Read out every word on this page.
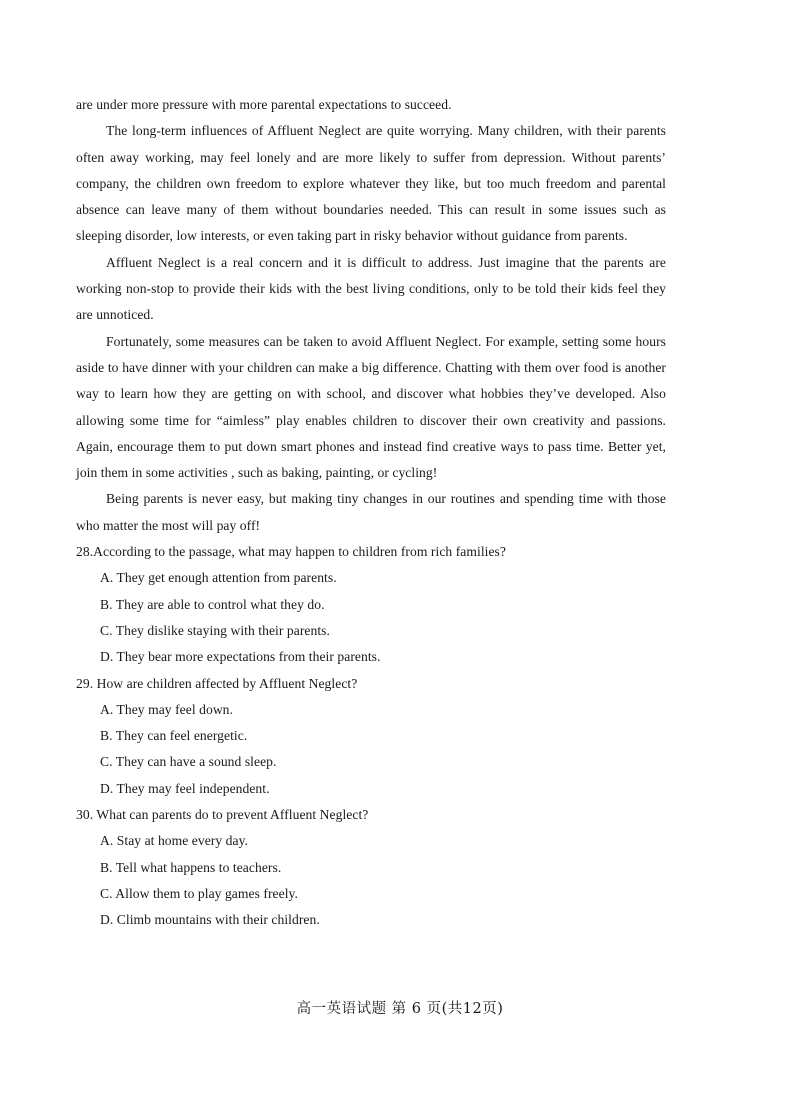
are under more pressure with more parental expectations to succeed.

The long-term influences of Affluent Neglect are quite worrying. Many children, with their parents often away working, may feel lonely and are more likely to suffer from depression. Without parents’ company, the children own freedom to explore whatever they like, but too much freedom and parental absence can leave many of them without boundaries needed. This can result in some issues such as sleeping disorder, low interests, or even taking part in risky behavior without guidance from parents.

Affluent Neglect is a real concern and it is difficult to address. Just imagine that the parents are working non-stop to provide their kids with the best living conditions, only to be told their kids feel they are unnoticed.

Fortunately, some measures can be taken to avoid Affluent Neglect. For example, setting some hours aside to have dinner with your children can make a big difference. Chatting with them over food is another way to learn how they are getting on with school, and discover what hobbies they’ve developed. Also allowing some time for “aimless” play enables children to discover their own creativity and passions. Again, encourage them to put down smart phones and instead find creative ways to pass time. Better yet, join them in some activities , such as baking, painting, or cycling!

Being parents is never easy, but making tiny changes in our routines and spending time with those who matter the most will pay off!

28.According to the passage, what may happen to children from rich families?

A. They get enough attention from parents.
B. They are able to control what they do.
C. They dislike staying with their parents.
D. They bear more expectations from their parents.

29. How are children affected by Affluent Neglect?

A. They may feel down.
B. They can feel energetic.
C. They can have a sound sleep.
D. They may feel independent.

30. What can parents do to prevent Affluent Neglect?

A. Stay at home every day.
B. Tell what happens to teachers.
C. Allow them to play games freely.
D. Climb mountains with their children.
高一英语试题 第 6 页(共12页)
